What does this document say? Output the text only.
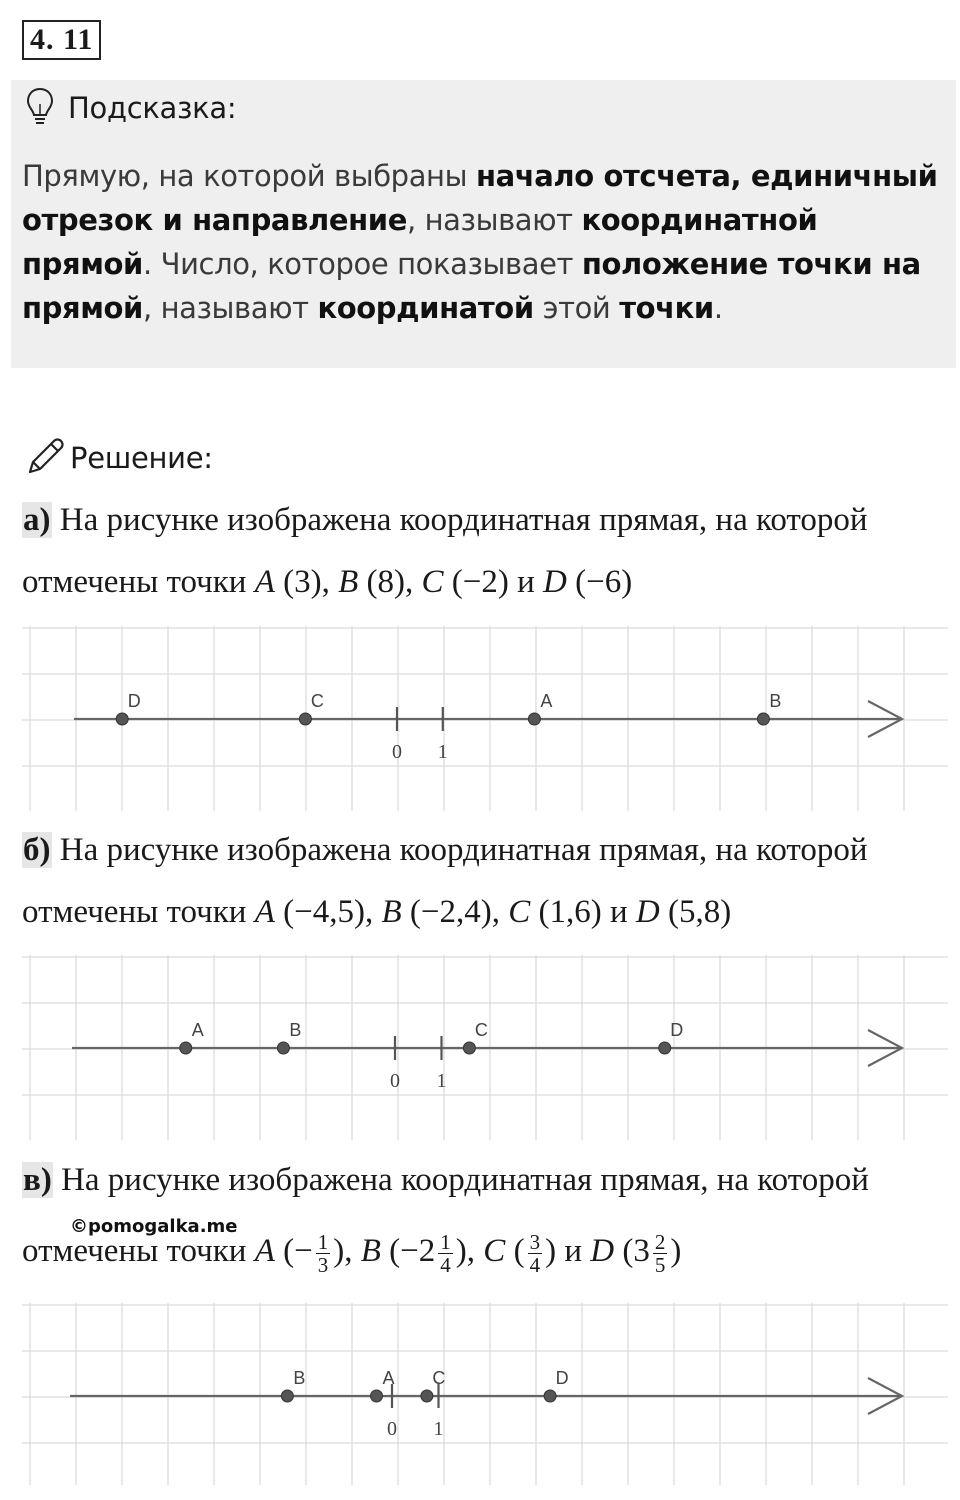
4. 11
Подсказка:
Прямую, на которой выбраны начало отсчета, единичный отрезок и направление, называют координатной прямой. Число, которое показывает положение точки на прямой, называют координатой этой точки.
Решение:
а) На рисунке изображена координатная прямая, на которой
отмечены точки A (3), B (8), C (−2) и D (−6)
0 1
D	C	A	B
б) На рисунке изображена координатная прямая, на которой
отмечены точки A (−4,5), B (−2,4), C (1,6) и D (5,8)
0 1
A	B	C	D
в) На рисунке изображена координатная прямая, на которой
©pomogalka.me
отмечены точки A (− $\frac{1}{3}$ ), B ($-2 \frac{1}{4}$ ), C ( $\frac{3}{4}$ ) и D ($3 \frac{2}{5}$ )
0 1
B	A C	D
